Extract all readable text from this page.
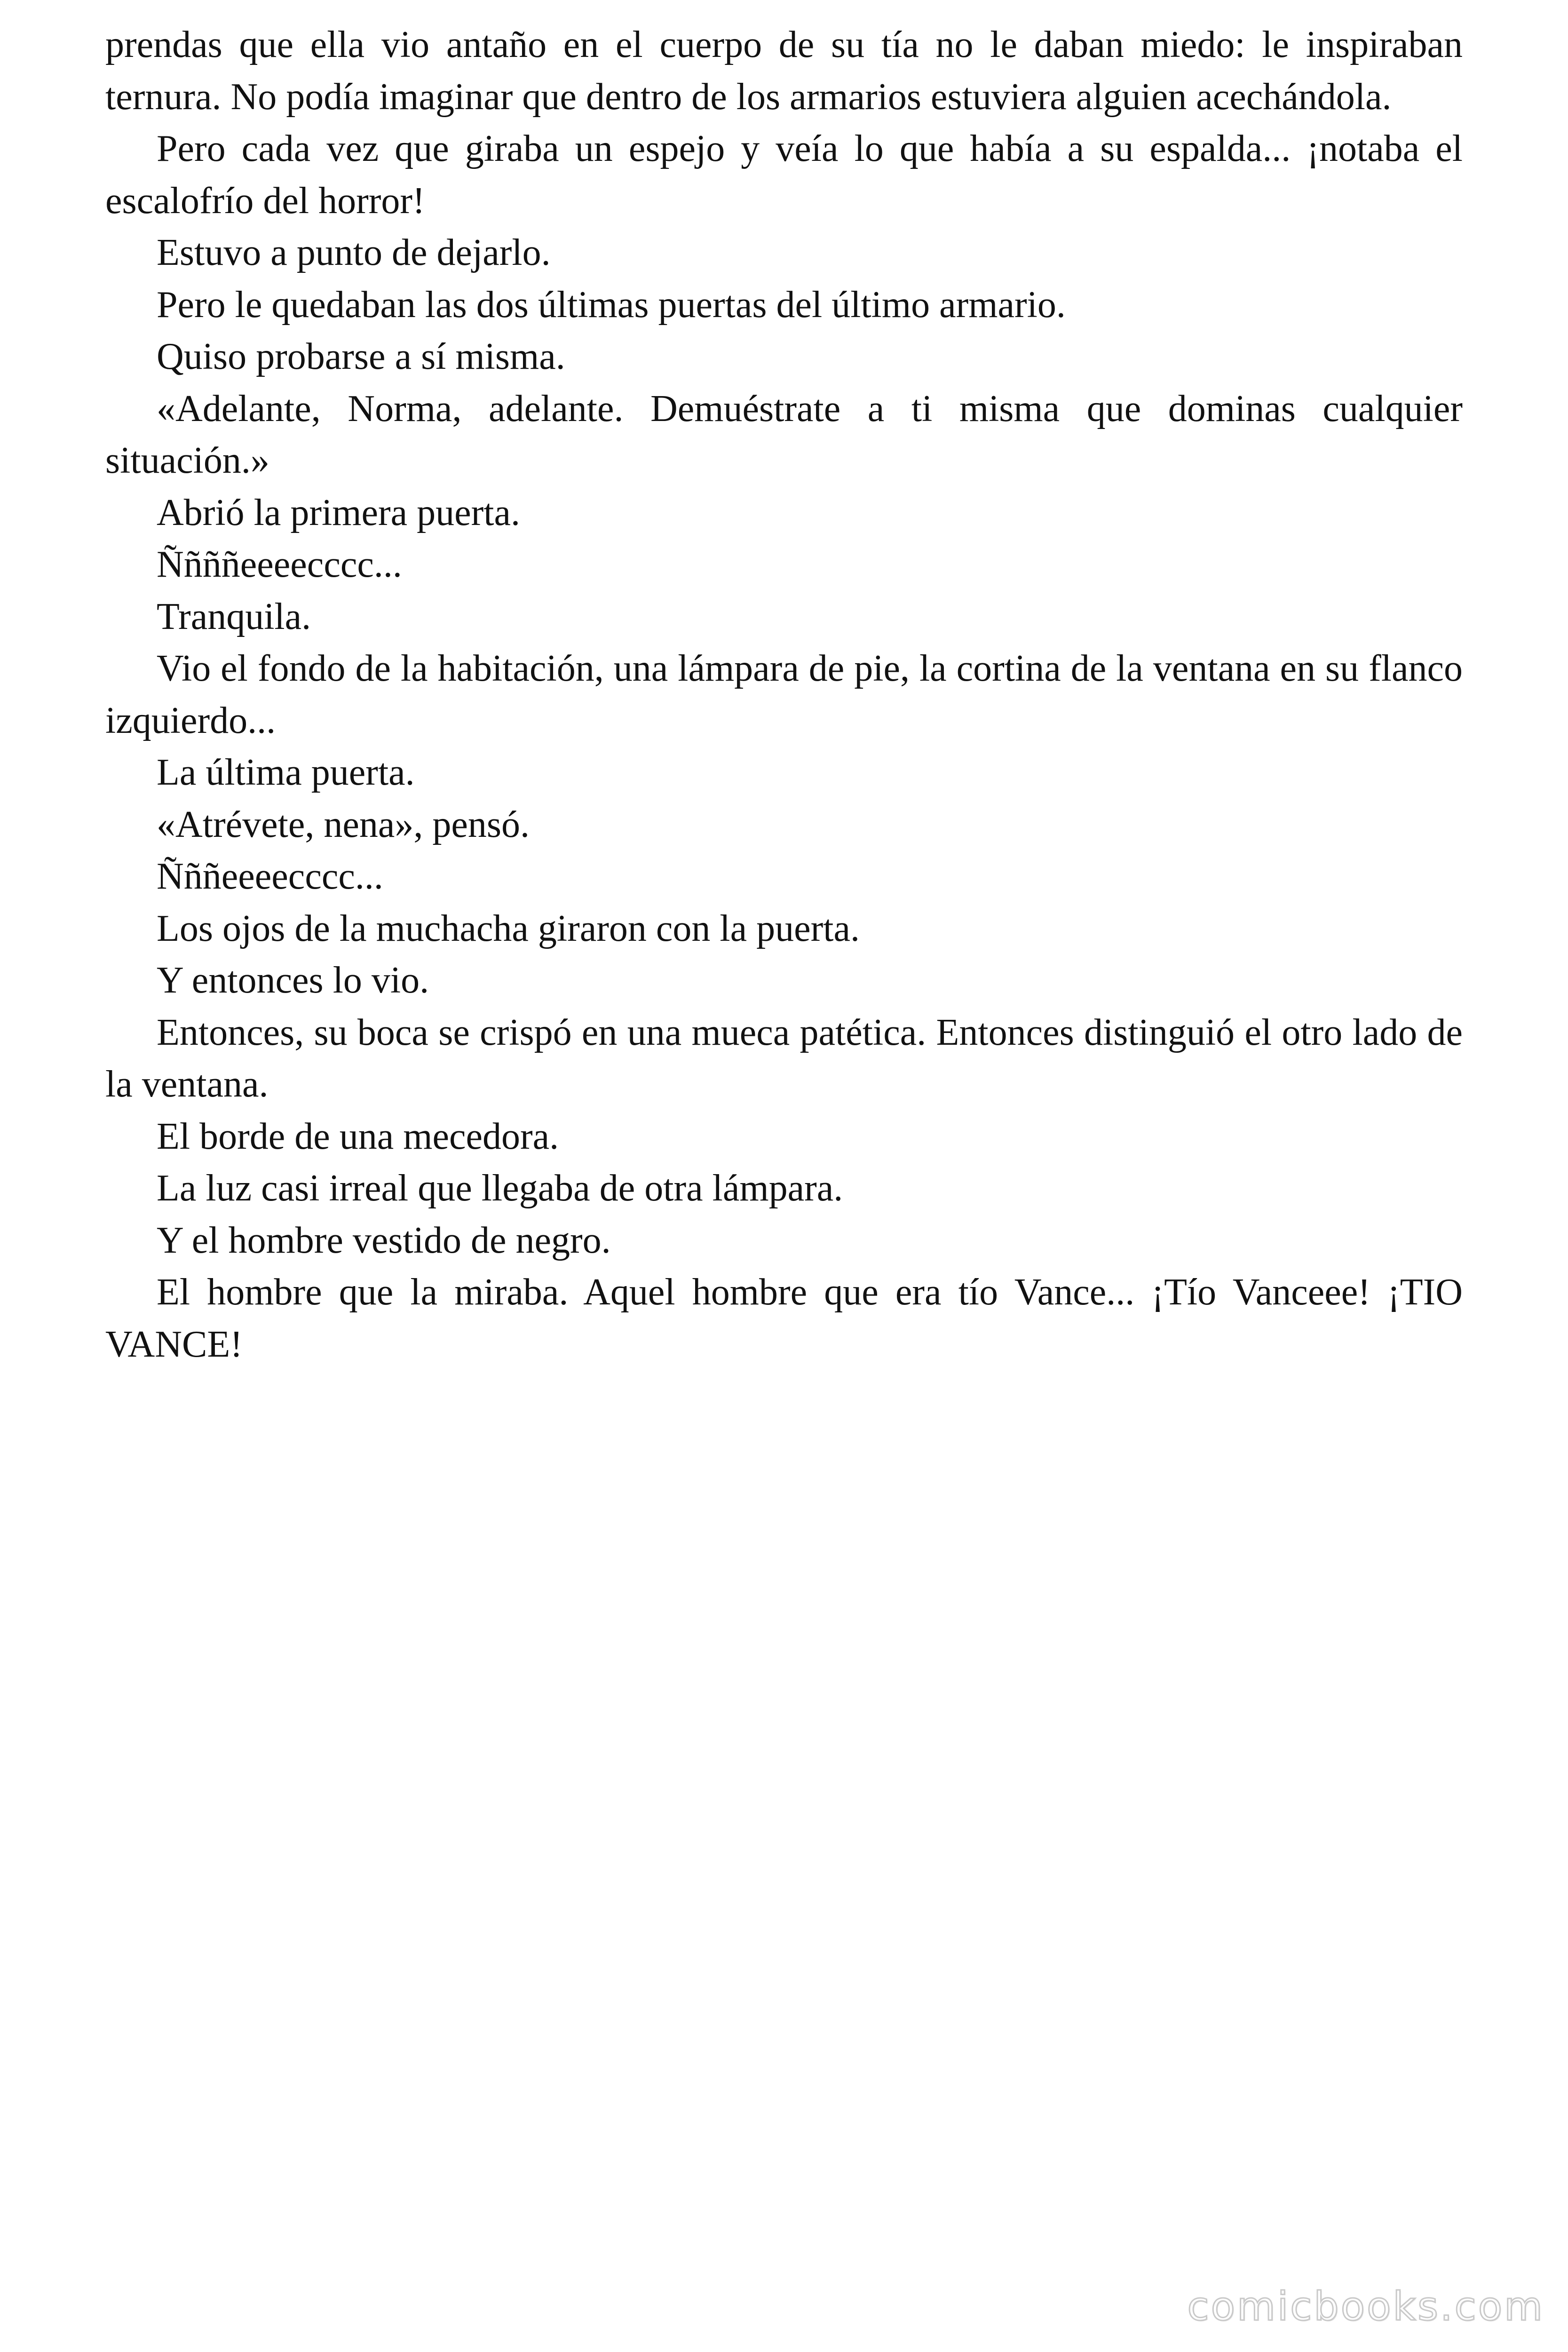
prendas que ella vio antaño en el cuerpo de su tía no le daban miedo: le inspiraban ternura. No podía imaginar que dentro de los armarios estuviera alguien acechándola.

Pero cada vez que giraba un espejo y veía lo que había a su espalda... ¡notaba el escalofrío del horror!

Estuvo a punto de dejarlo.

Pero le quedaban las dos últimas puertas del último armario.

Quiso probarse a sí misma.

«Adelante, Norma, adelante. Demuéstrate a ti misma que dominas cualquier situación.»

Abrió la primera puerta.

Ññññeeeecccc...

Tranquila.

Vio el fondo de la habitación, una lámpara de pie, la cortina de la ventana en su flanco izquierdo...

La última puerta.

«Atrévete, nena», pensó.

Ñññeeeecccc...

Los ojos de la muchacha giraron con la puerta.

Y entonces lo vio.

Entonces, su boca se crispó en una mueca patética. Entonces distinguió el otro lado de la ventana.

El borde de una mecedora.

La luz casi irreal que llegaba de otra lámpara.

Y el hombre vestido de negro.

El hombre que la miraba. Aquel hombre que era tío Vance... ¡Tío Vanceee! ¡TIO VANCE!

comicbooks.com
